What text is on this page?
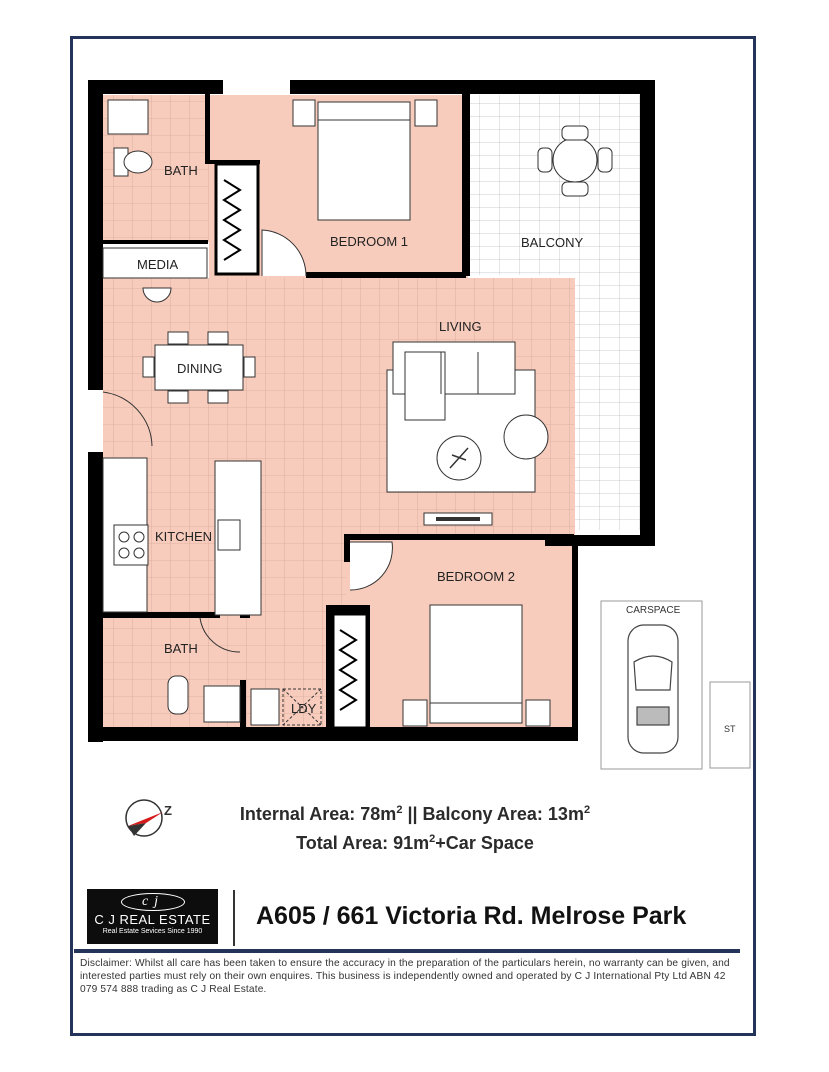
BATH
BEDROOM 1	BALCONY
MEDIA
DINING
LIVING
KITCHEN
BATH
LDY
BEDROOM 2
CARSPACE
ST
Z	Internal Area: $78m^2$ || Balcony Area: $13m^2$
Total Area: $91m^2+Car$ Space
cj
C J REAL ESTATE
Real Estate Sevices Since 1990
A605 / 661 Victoria Rd. Melrose Park
Disclaimer: Whilst all care has been taken to ensure the accuracy in the preparation of the particulars herein, no warranty can be given, and interested parties must rely on their own enquires. This business is independently owned and operated by C J International Pty Ltd ABN 42 079 574 888 trading as C J Real Estate.
